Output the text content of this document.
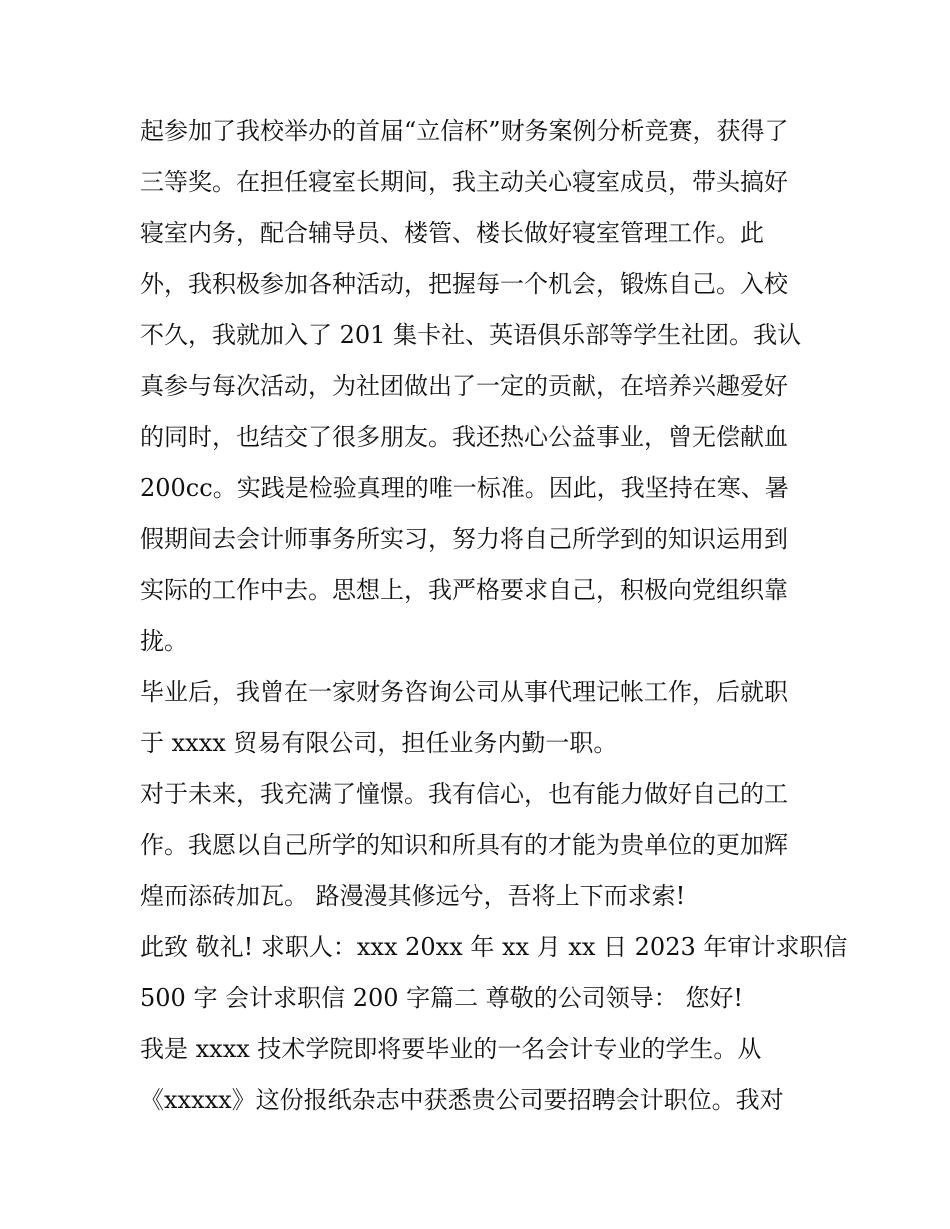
起参加了我校举办的首届“立信杯”财务案例分析竞赛，获得了
三等奖。在担任寝室长期间，我主动关心寝室成员，带头搞好
寝室内务，配合辅导员、楼管、楼长做好寝室管理工作。此
外，我积极参加各种活动，把握每一个机会，锻炼自己。入校
不久，我就加入了 201 集卡社、英语俱乐部等学生社团。我认
真参与每次活动，为社团做出了一定的贡献，在培养兴趣爱好
的同时，也结交了很多朋友。我还热心公益事业，曾无偿献血
200cc。实践是检验真理的唯一标准。因此，我坚持在寒、暑
假期间去会计师事务所实习，努力将自己所学到的知识运用到
实际的工作中去。思想上，我严格要求自己，积极向党组织靠
拢。
毕业后，我曾在一家财务咨询公司从事代理记帐工作，后就职
于 xxxx 贸易有限公司，担任业务内勤一职。
对于未来，我充满了憧憬。我有信心，也有能力做好自己的工
作。我愿以自己所学的知识和所具有的才能为贵单位的更加辉
煌而添砖加瓦。 路漫漫其修远兮，吾将上下而求索!
此致 敬礼! 求职人：xxx 20xx 年 xx 月 xx 日 2023 年审计求职信
500 字 会计求职信 200 字篇二 尊敬的公司领导： 您好!
我是 xxxx 技术学院即将要毕业的一名会计专业的学生。从
《xxxxx》这份报纸杂志中获悉贵公司要招聘会计职位。我对
